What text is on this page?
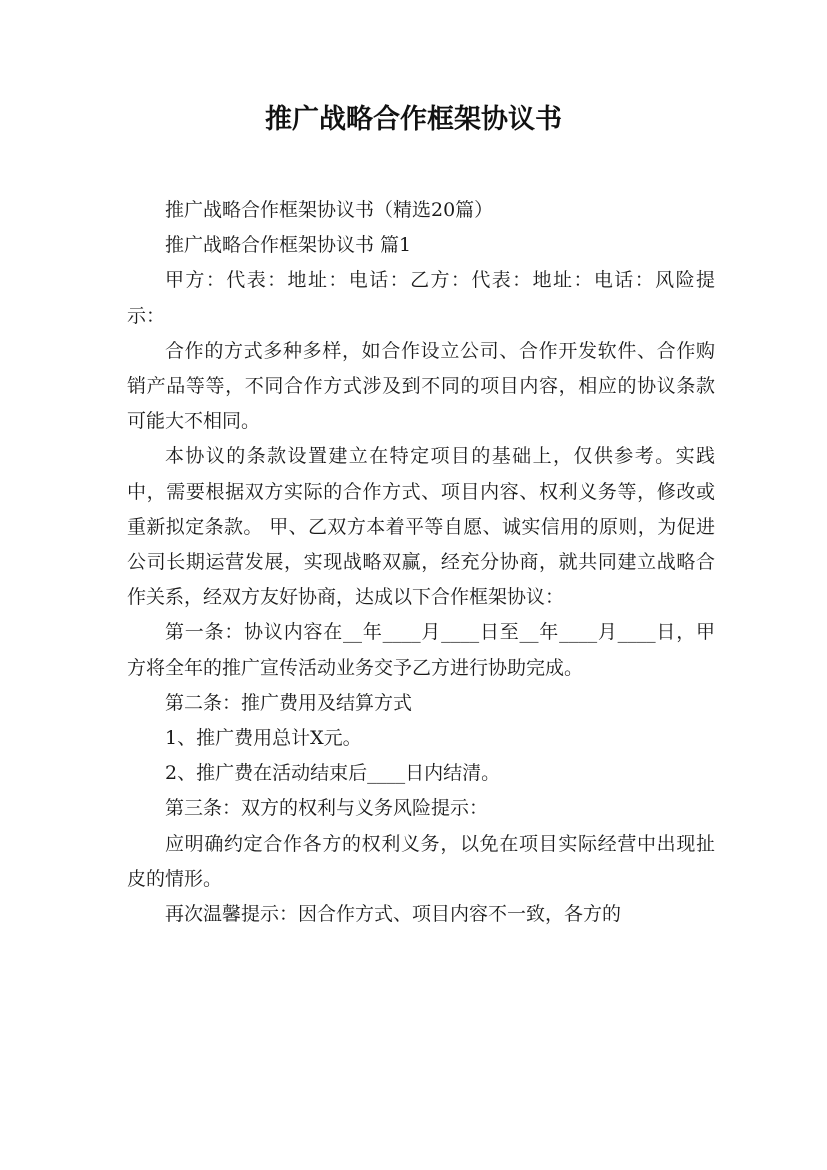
推广战略合作框架协议书

推广战略合作框架协议书（精选20篇）

推广战略合作框架协议书 篇1

甲方：代表：地址：电话：乙方：代表：地址：电话：风险提示：

合作的方式多种多样，如合作设立公司、合作开发软件、合作购销产品等等，不同合作方式涉及到不同的项目内容，相应的协议条款可能大不相同。

本协议的条款设置建立在特定项目的基础上，仅供参考。实践中，需要根据双方实际的合作方式、项目内容、权利义务等，修改或重新拟定条款。 甲、乙双方本着平等自愿、诚实信用的原则，为促进公司长期运营发展，实现战略双赢，经充分协商，就共同建立战略合作关系，经双方友好协商，达成以下合作框架协议：

第一条：协议内容在__年____月____日至__年____月____日，甲方将全年的推广宣传活动业务交予乙方进行协助完成。

第二条：推广费用及结算方式

1、推广费用总计X元。

2、推广费在活动结束后____日内结清。

第三条：双方的权利与义务风险提示：

应明确约定合作各方的权利义务，以免在项目实际经营中出现扯皮的情形。

再次温馨提示：因合作方式、项目内容不一致，各方的
